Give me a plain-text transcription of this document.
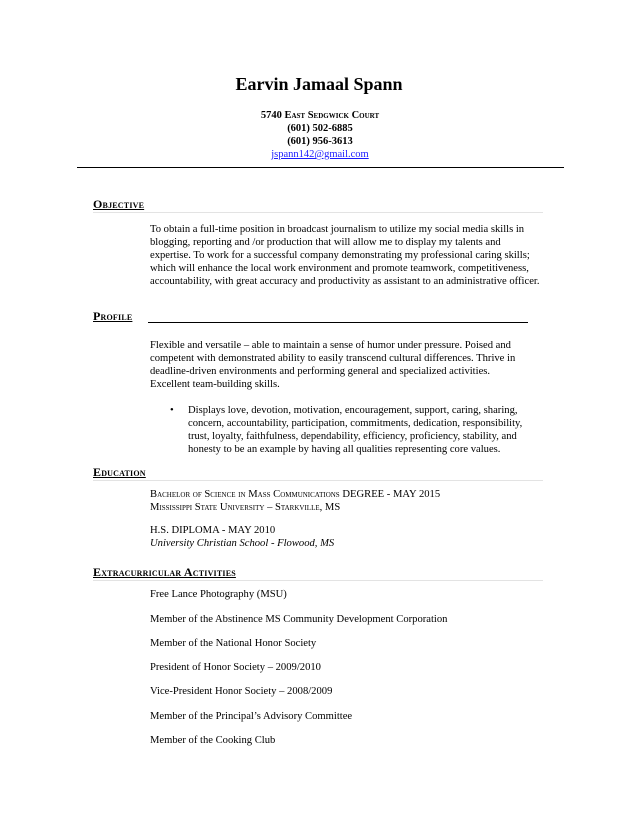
Earvin Jamaal Spann
5740 East Sedgwick Court
(601) 502-6885
(601) 956-3613
jspann142@gmail.com
Objective
To obtain a full-time position in broadcast journalism to utilize my social media skills in blogging, reporting and /or production that will allow me to display my talents and expertise. To work for a successful company demonstrating my professional caring skills; which will enhance the local work environment and promote teamwork, competitiveness, accountability, with great accuracy and productivity as assistant to an administrative officer.
Profile
Flexible and versatile – able to maintain a sense of humor under pressure. Poised and competent with demonstrated ability to easily transcend cultural differences. Thrive in deadline-driven environments and performing general and specialized activities. Excellent team-building skills.
• Displays love, devotion, motivation, encouragement, support, caring, sharing, concern, accountability, participation, commitments, dedication, responsibility, trust, loyalty, faithfulness, dependability, efficiency, proficiency, stability, and honesty to be an example by having all qualities representing core values.
Education
Bachelor of Science in Mass Communications DEGREE - MAY 2015
Mississippi State University – Starkville, MS
H.S. DIPLOMA - MAY 2010
University Christian School - Flowood, MS
Extracurricular Activities
Free Lance Photography (MSU)
Member of the Abstinence MS Community Development Corporation
Member of the National Honor Society
President of Honor Society – 2009/2010
Vice-President Honor Society – 2008/2009
Member of the Principal’s Advisory Committee
Member of the Cooking Club
